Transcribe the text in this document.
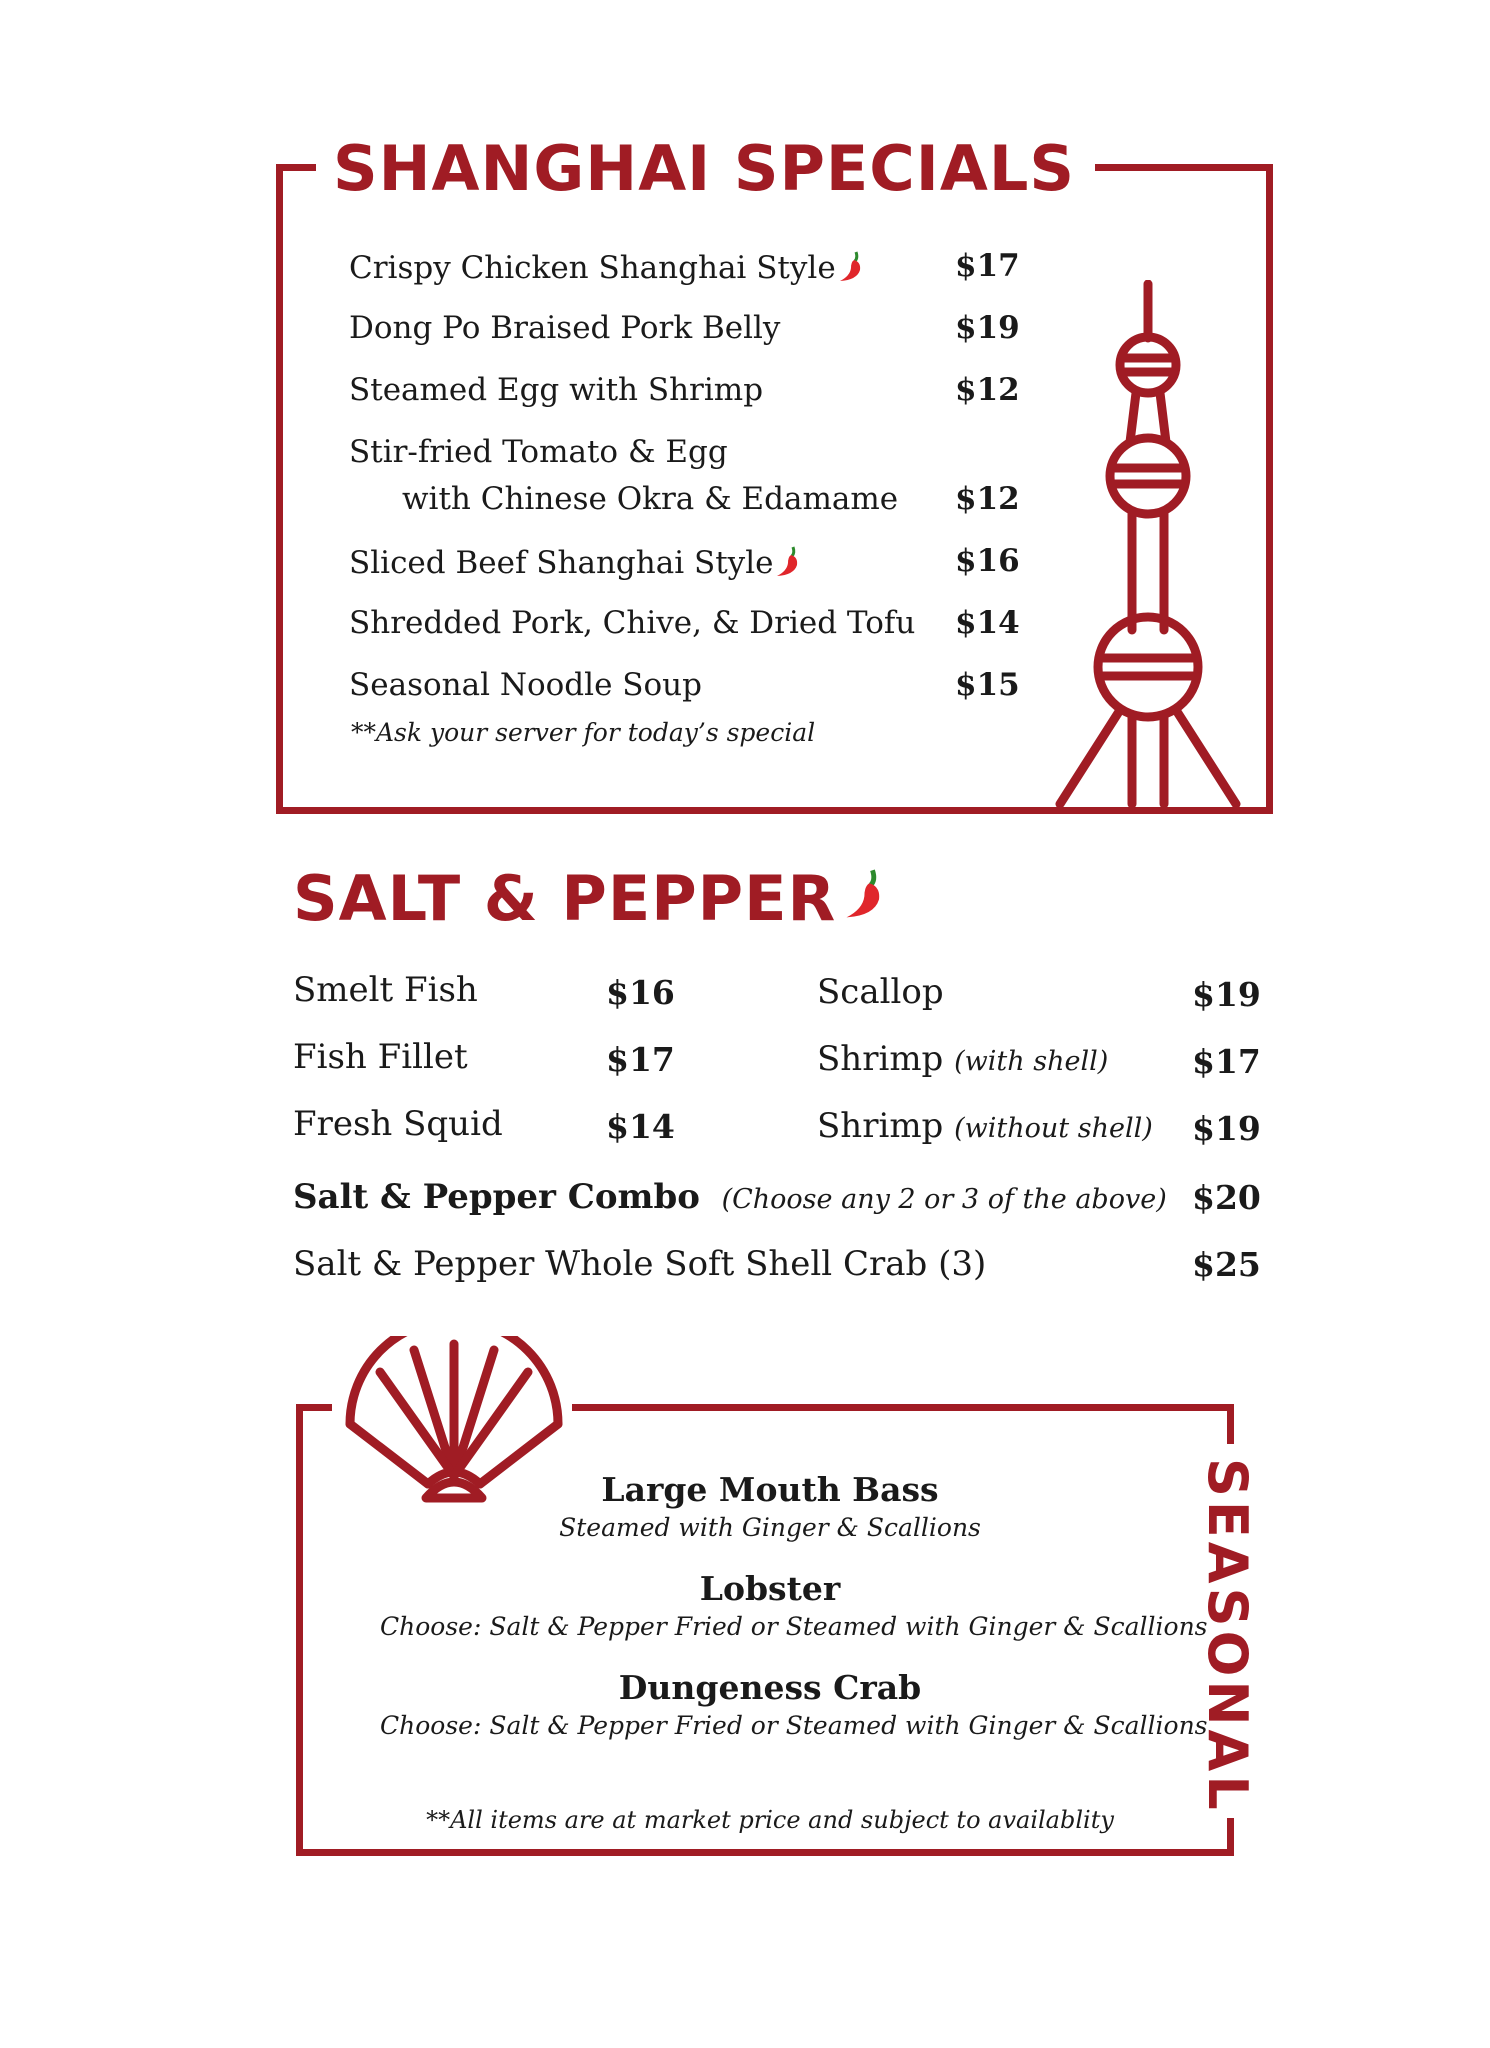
SHANGHAI SPECIALS
Crispy Chicken Shanghai Style	$17
Dong Po Braised Pork Belly	$19
Steamed Egg with Shrimp	$12
Stir-fried Tomato & Egg
with Chinese Okra & Edamame $12
Sliced Beef Shanghai Style	$16
Shredded Pork, Chive, & Dried Tofu $14
Seasonal Noodle Soup	$15
**Ask your server for today’s special
SALT & PEPPER
Smelt Fish	$16
Fish Fillet	$17
Fresh Squid	$14
Scallop	$19
Shrimp (with shell)	$17
Shrimp (without shell) $19
Salt & Pepper Combo (Choose any 2 or 3 of the above) $20
Salt & Pepper Whole Soft Shell Crab (3)	$25
Large Mouth Bass
Steamed with Ginger & Scallions
Lobster
Choose: Salt & Pepper Fried or Steamed with Ginger & Scallions
Dungeness Crab
Choose: Salt & Pepper Fried or Steamed with Ginger & Scallions
**All items are at market price and subject to availablity
SEASONAL
